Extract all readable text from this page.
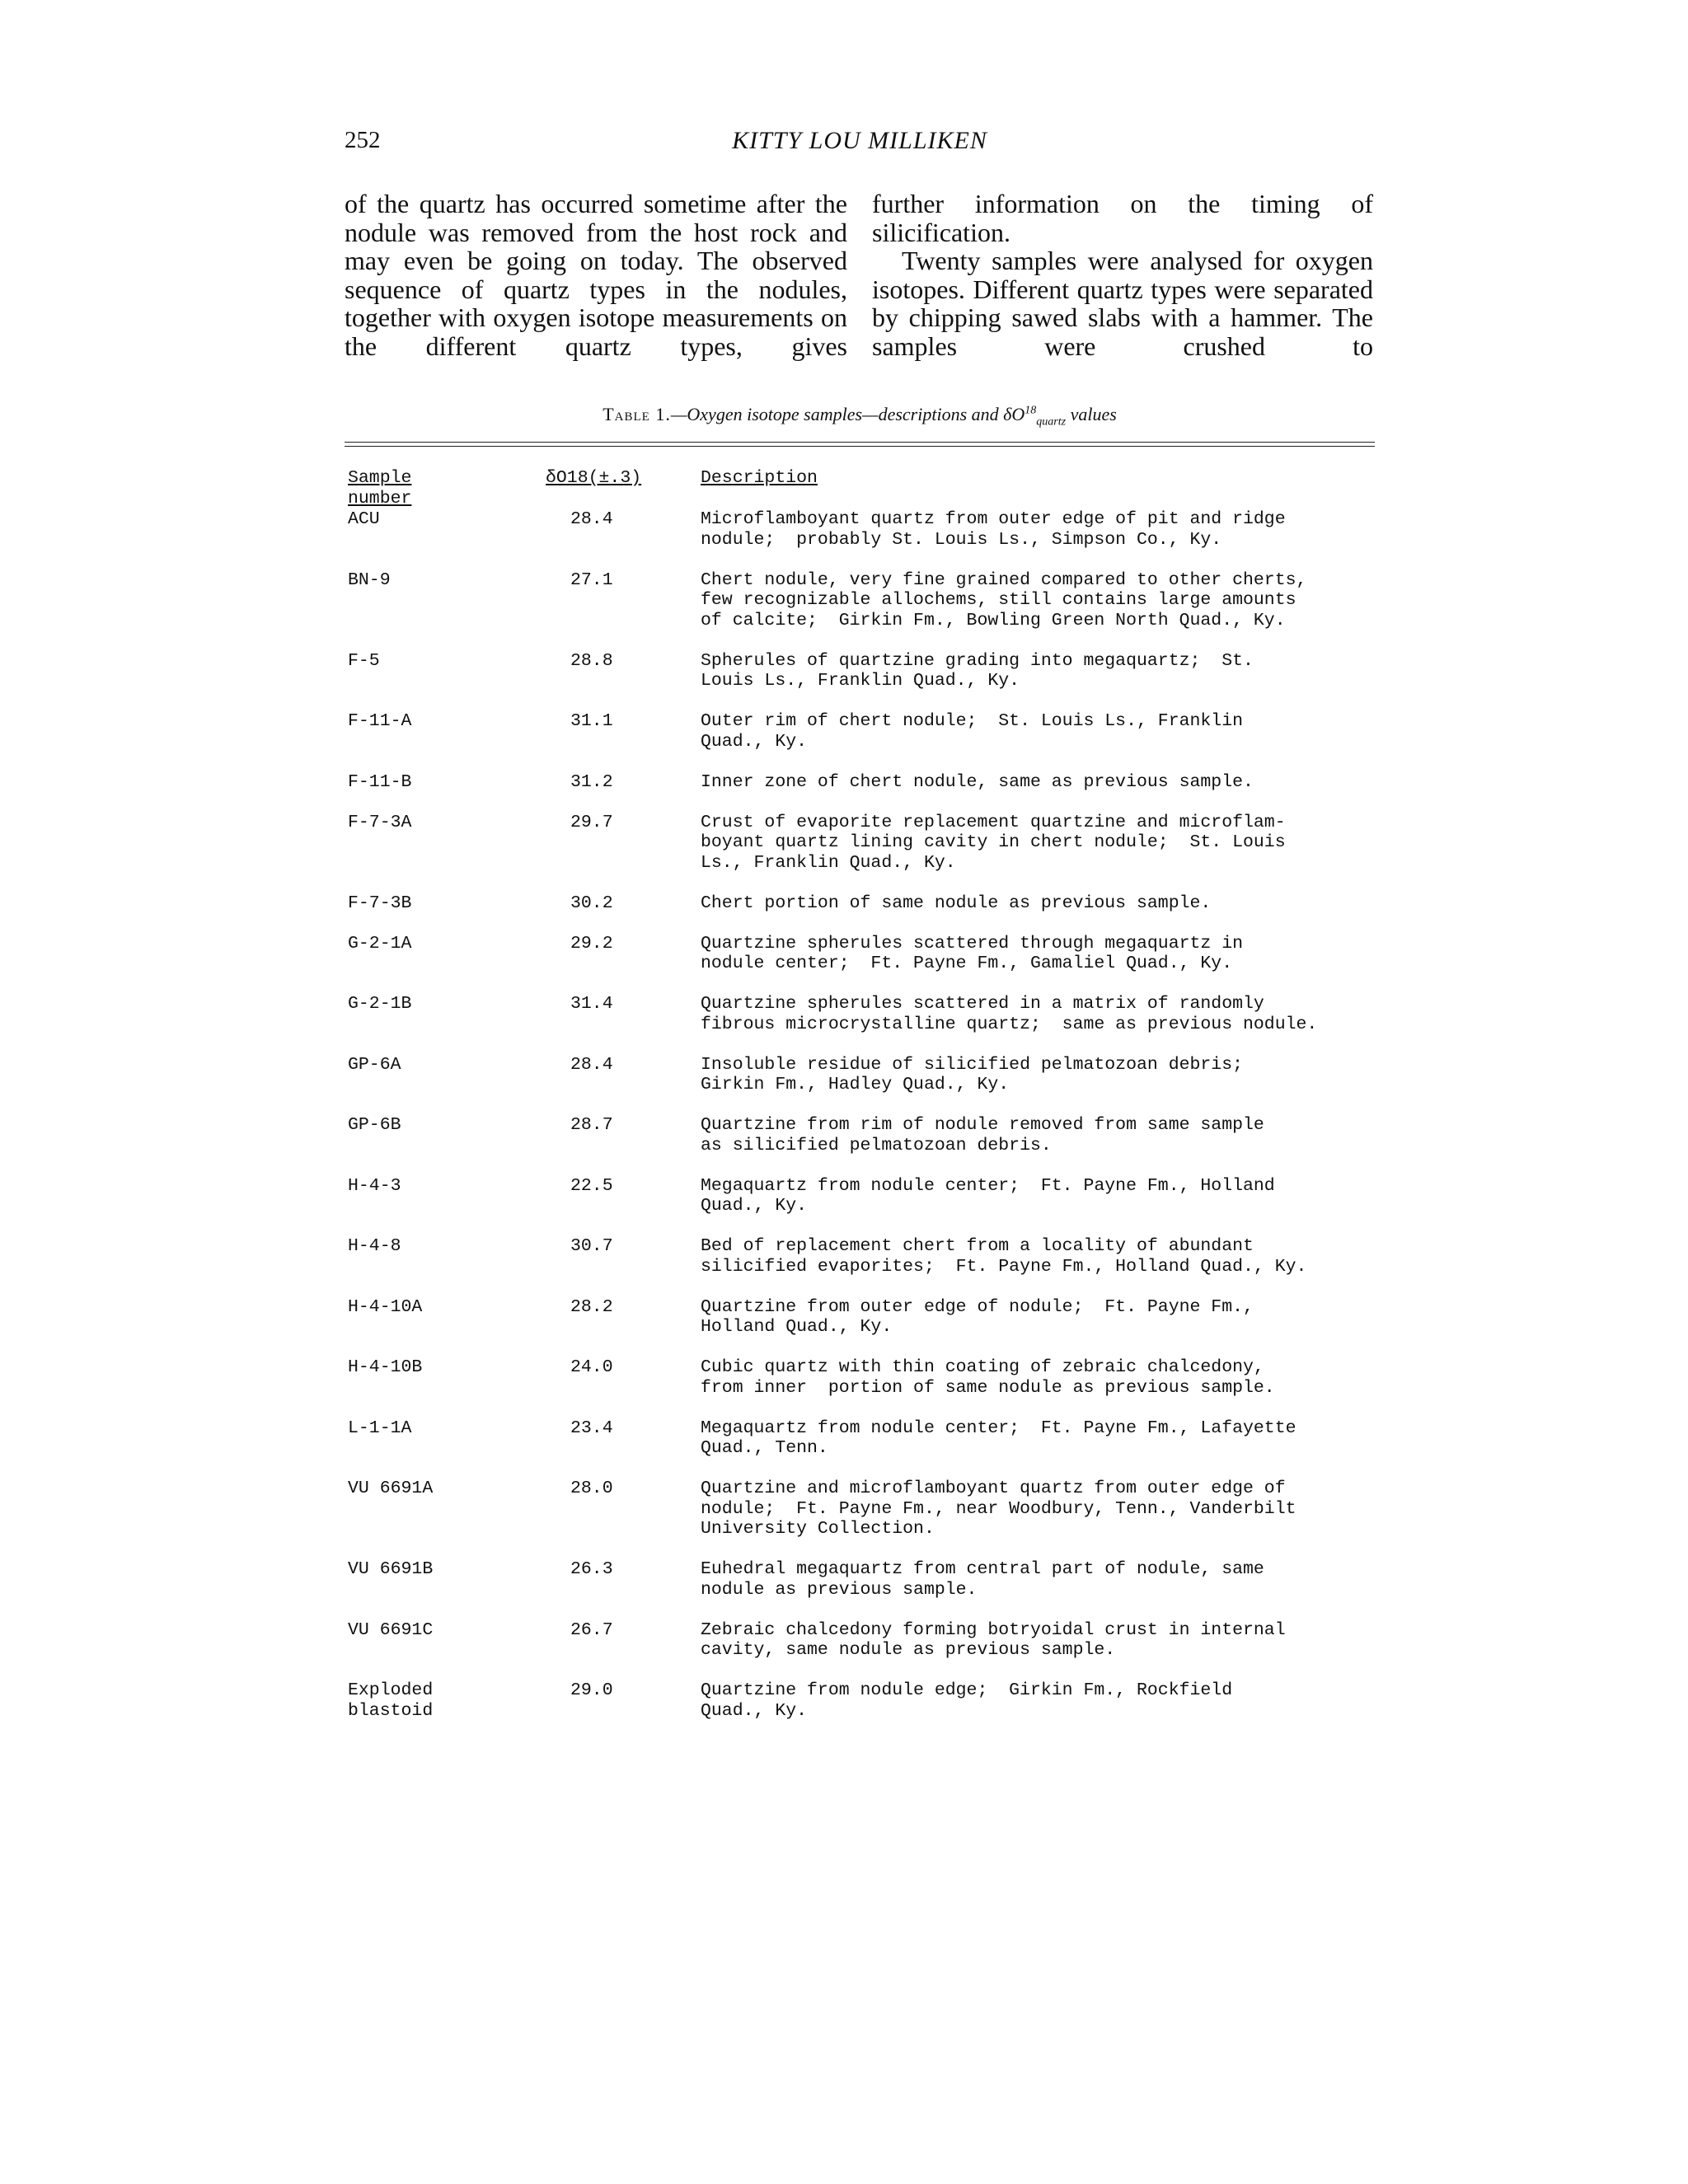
252	KITTY LOU MILLIKEN

of the quartz has occurred sometime after the nodule was removed from the host rock and may even be going on today. The observed sequence of quartz types in the nodules, together with oxygen isotope measurements on the different quartz types, gives

further information on the timing of silicification.

Twenty samples were analysed for oxygen isotopes. Different quartz types were separated by chipping sawed slabs with a hammer. The samples were crushed to

Table 1.—Oxygen isotope samples—descriptions and $\delta O^{18}_{quartz}$ values
Sample number
δO18(±.3)	Description
ACU	28.4	Microflamboyant quartz from outer edge of pit and ridge
nodule;  probably St. Louis Ls., Simpson Co., Ky.
BN-9	27.1	Chert nodule, very fine grained compared to other cherts,
few recognizable allochems, still contains large amounts
of calcite;  Girkin Fm., Bowling Green North Quad., Ky.
F-5	28.8	Spherules of quartzine grading into megaquartz;  St.
Louis Ls., Franklin Quad., Ky.
F-11-A	31.1	Outer rim of chert nodule;  St. Louis Ls., Franklin
Quad., Ky.
F-11-B	31.2	Inner zone of chert nodule, same as previous sample.
F-7-3A	29.7	Crust of evaporite replacement quartzine and microflam-
boyant quartz lining cavity in chert nodule;  St. Louis
Ls., Franklin Quad., Ky.
F-7-3B	30.2	Chert portion of same nodule as previous sample.
G-2-1A	29.2	Quartzine spherules scattered through megaquartz in
nodule center;  Ft. Payne Fm., Gamaliel Quad., Ky.
G-2-1B	31.4	Quartzine spherules scattered in a matrix of randomly
fibrous microcrystalline quartz;  same as previous nodule.
GP-6A	28.4	Insoluble residue of silicified pelmatozoan debris;
Girkin Fm., Hadley Quad., Ky.
GP-6B	28.7	Quartzine from rim of nodule removed from same sample
as silicified pelmatozoan debris.
H-4-3	22.5	Megaquartz from nodule center;  Ft. Payne Fm., Holland
Quad., Ky.
H-4-8	30.7	Bed of replacement chert from a locality of abundant
silicified evaporites;  Ft. Payne Fm., Holland Quad., Ky.
H-4-10A	28.2	Quartzine from outer edge of nodule;  Ft. Payne Fm.,
Holland Quad., Ky.
H-4-10B	24.0	Cubic quartz with thin coating of zebraic chalcedony,
from inner  portion of same nodule as previous sample.
L-1-1A	23.4	Megaquartz from nodule center;  Ft. Payne Fm., Lafayette
Quad., Tenn.
VU 6691A	28.0	Quartzine and microflamboyant quartz from outer edge of
nodule;  Ft. Payne Fm., near Woodbury, Tenn., Vanderbilt
University Collection.
VU 6691B	26.3	Euhedral megaquartz from central part of nodule, same
nodule as previous sample.
VU 6691C	26.7	Zebraic chalcedony forming botryoidal crust in internal
cavity, same nodule as previous sample.
Exploded
blastoid
29.0	Quartzine from nodule edge;  Girkin Fm., Rockfield
Quad., Ky.
